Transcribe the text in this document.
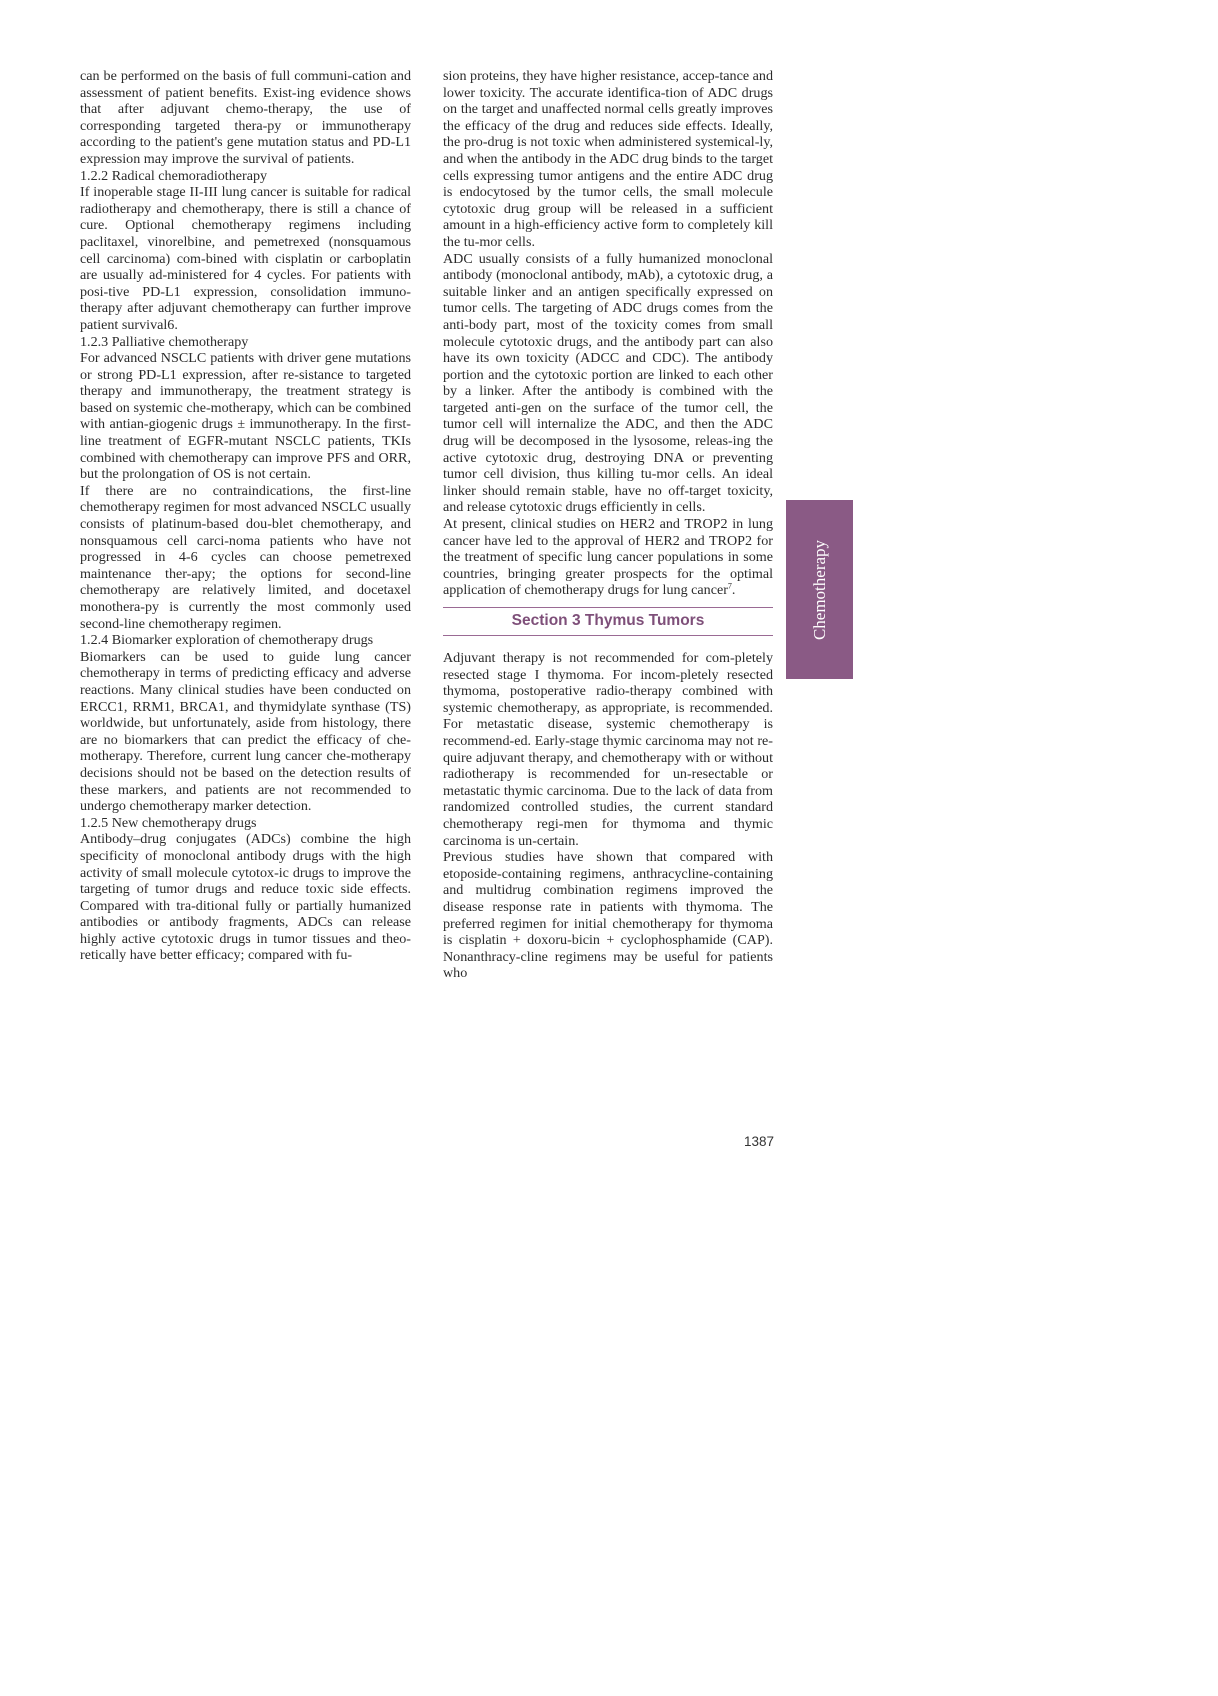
can be performed on the basis of full communi-cation and assessment of patient benefits. Exist-ing evidence shows that after adjuvant chemo-therapy, the use of corresponding targeted thera-py or immunotherapy according to the patient's gene mutation status and PD-L1 expression may improve the survival of patients.

1.2.2 Radical chemoradiotherapy

If inoperable stage II-III lung cancer is suitable for radical radiotherapy and chemotherapy, there is still a chance of cure. Optional chemotherapy regimens including paclitaxel, vinorelbine, and pemetrexed (nonsquamous cell carcinoma) com-bined with cisplatin or carboplatin are usually ad-ministered for 4 cycles. For patients with posi-tive PD-L1 expression, consolidation immuno-therapy after adjuvant chemotherapy can further improve patient survival6.

1.2.3 Palliative chemotherapy

For advanced NSCLC patients with driver gene mutations or strong PD-L1 expression, after re-sistance to targeted therapy and immunotherapy, the treatment strategy is based on systemic che-motherapy, which can be combined with antian-giogenic drugs ± immunotherapy. In the first-line treatment of EGFR-mutant NSCLC patients, TKIs combined with chemotherapy can improve PFS and ORR, but the prolongation of OS is not certain.

If there are no contraindications, the first-line chemotherapy regimen for most advanced NSCLC usually consists of platinum-based dou-blet chemotherapy, and nonsquamous cell carci-noma patients who have not progressed in 4-6 cycles can choose pemetrexed maintenance ther-apy; the options for second-line chemotherapy are relatively limited, and docetaxel monothera-py is currently the most commonly used second-line chemotherapy regimen.

1.2.4 Biomarker exploration of chemotherapy drugs

Biomarkers can be used to guide lung cancer chemotherapy in terms of predicting efficacy and adverse reactions. Many clinical studies have been conducted on ERCC1, RRM1, BRCA1, and thymidylate synthase (TS) worldwide, but unfortunately, aside from histology, there are no biomarkers that can predict the efficacy of che-motherapy. Therefore, current lung cancer che-motherapy decisions should not be based on the detection results of these markers, and patients are not recommended to undergo chemotherapy marker detection.

1.2.5 New chemotherapy drugs

Antibody–drug conjugates (ADCs) combine the high specificity of monoclonal antibody drugs with the high activity of small molecule cytotox-ic drugs to improve the targeting of tumor drugs and reduce toxic side effects. Compared with tra-ditional fully or partially humanized antibodies or antibody fragments, ADCs can release highly active cytotoxic drugs in tumor tissues and theo-retically have better efficacy; compared with fu-

sion proteins, they have higher resistance, accep-tance and lower toxicity. The accurate identifica-tion of ADC drugs on the target and unaffected normal cells greatly improves the efficacy of the drug and reduces side effects. Ideally, the pro-drug is not toxic when administered systemical-ly, and when the antibody in the ADC drug binds to the target cells expressing tumor antigens and the entire ADC drug is endocytosed by the tumor cells, the small molecule cytotoxic drug group will be released in a sufficient amount in a high-efficiency active form to completely kill the tu-mor cells.

ADC usually consists of a fully humanized monoclonal antibody (monoclonal antibody, mAb), a cytotoxic drug, a suitable linker and an antigen specifically expressed on tumor cells. The targeting of ADC drugs comes from the anti-body part, most of the toxicity comes from small molecule cytotoxic drugs, and the antibody part can also have its own toxicity (ADCC and CDC). The antibody portion and the cytotoxic portion are linked to each other by a linker. After the antibody is combined with the targeted anti-gen on the surface of the tumor cell, the tumor cell will internalize the ADC, and then the ADC drug will be decomposed in the lysosome, releas-ing the active cytotoxic drug, destroying DNA or preventing tumor cell division, thus killing tu-mor cells. An ideal linker should remain stable, have no off-target toxicity, and release cytotoxic drugs efficiently in cells.

At present, clinical studies on HER2 and TROP2 in lung cancer have led to the approval of HER2 and TROP2 for the treatment of specific lung cancer populations in some countries, bringing greater prospects for the optimal application of chemotherapy drugs for lung cancer$^7$.

Section 3 Thymus Tumors

Adjuvant therapy is not recommended for com-pletely resected stage I thymoma. For incom-pletely resected thymoma, postoperative radio-therapy combined with systemic chemotherapy, as appropriate, is recommended. For metastatic disease, systemic chemotherapy is recommend-ed. Early-stage thymic carcinoma may not re-quire adjuvant therapy, and chemotherapy with or without radiotherapy is recommended for un-resectable or metastatic thymic carcinoma. Due to the lack of data from randomized controlled studies, the current standard chemotherapy regi-men for thymoma and thymic carcinoma is un-certain.

Previous studies have shown that compared with etoposide-containing regimens, anthracycline-containing and multidrug combination regimens improved the disease response rate in patients with thymoma. The preferred regimen for initial chemotherapy for thymoma is cisplatin + doxoru-bicin + cyclophosphamide (CAP). Nonanthracy-cline regimens may be useful for patients who

Chemotherapy
1387
